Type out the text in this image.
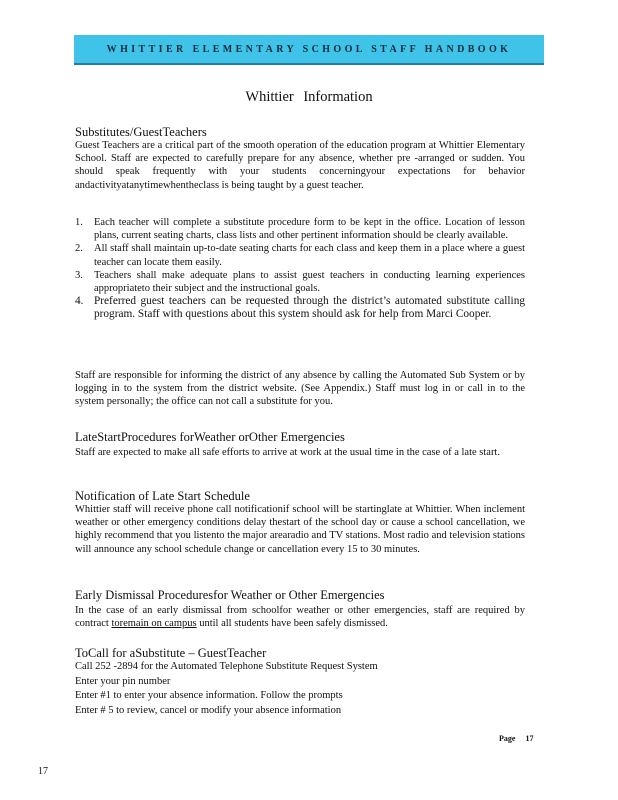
WHITTIER ELEMENTARY SCHOOL STAFF HANDBOOK
Whittier Information
Substitutes/GuestTeachers
Guest Teachers are a critical part of the smooth operation of the education program at Whittier Elementary School. Staff are expected to carefully prepare for any absence, whether pre -arranged or sudden. You should speak frequently with your students concerningyour expectations for behavior andactivityatanytimewhentheclass is being taught by a guest teacher.
1. Each teacher will complete a substitute procedure form to be kept in the office. Location of lesson plans, current seating charts, class lists and other pertinent information should be clearly available.
2. All staff shall maintain up-to-date seating charts for each class and keep them in a place where a guest teacher can locate them easily.
3. Teachers shall make adequate plans to assist guest teachers in conducting learning experiences appropriateto their subject and the instructional goals.
4. Preferred guest teachers can be requested through the district’s automated substitute calling program. Staff with questions about this system should ask for help from Marci Cooper.
Staff are responsible for informing the district of any absence by calling the Automated Sub System or by logging in to the system from the district website. (See Appendix.) Staff must log in or call in to the system personally; the office can not call a substitute for you.
LateStartProcedures forWeather orOther Emergencies
Staff are expected to make all safe efforts to arrive at work at the usual time in the case of a late start.
Notification of Late Start Schedule
Whittier staff will receive phone call notificationif school will be startinglate at Whittier. When inclement weather or other emergency conditions delay thestart of the school day or cause a school cancellation, we highly recommend that you listento the major arearadio and TV stations. Most radio and television stations will announce any school schedule change or cancellation every 15 to 30 minutes.
Early Dismissal Proceduresfor Weather or Other Emergencies
In the case of an early dismissal from schoolfor weather or other emergencies, staff are required by contract toremain on campus until all students have been safely dismissed.
ToCall for aSubstitute – GuestTeacher
Call 252 -2894 for the Automated Telephone Substitute Request System
Enter your pin number
Enter #1 to enter your absence information. Follow the prompts
Enter # 5 to review, cancel or modify your absence information
Page 17
17
